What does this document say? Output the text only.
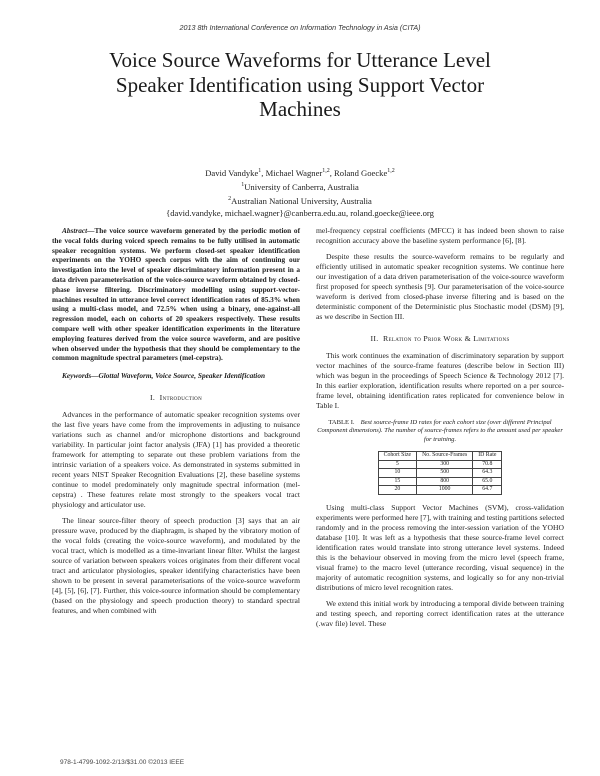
2013 8th International Conference on Information Technology in Asia (CITA)
Voice Source Waveforms for Utterance Level
Speaker Identification using Support Vector
Machines
David Vandyke$^1$, Michael Wagner$^{1,2}$, Roland Goecke$^{1,2}$
$^1$University of Canberra, Australia
$^2$Australian National University, Australia
{david.vandyke, michael.wagner}@canberra.edu.au, roland.goecke@ieee.org

Abstract—The voice source waveform generated by the periodic motion of the vocal folds during voiced speech remains to be fully utilised in automatic speaker recognition systems. We perform closed-set speaker identification experiments on the YOHO speech corpus with the aim of continuing our investigation into the level of speaker discriminatory information present in a data driven parameterisation of the voice-source waveform obtained by closed-phase inverse filtering. Discriminatory modelling using support-vector-machines resulted in utterance level correct identification rates of 85.3% when using a multi-class model, and 72.5% when using a binary, one-against-all regression model, each on cohorts of 20 speakers respectively. These results compare well with other speaker identification experiments in the literature employing features derived from the voice source waveform, and are positive when observed under the hypothesis that they should be complementary to the common magnitude spectral parameters (mel-cepstra).

Keywords—Glottal Waveform, Voice Source, Speaker Identification

I. Introduction

Advances in the performance of automatic speaker recognition systems over the last five years have come from the improvements in adjusting to nuisance variations such as channel and/or microphone distortions and background variability. In particular joint factor analysis (JFA) [1] has provided a theoretic framework for attempting to separate out these problem variations from the intrinsic variation of a speakers voice. As demonstrated in systems submitted in recent years NIST Speaker Recognition Evaluations [2], these baseline systems continue to model predominately only magnitude spectral information (mel-cepstra) . These features relate most strongly to the speakers vocal tract physiology and articulator use.

The linear source-filter theory of speech production [3] says that an air pressure wave, produced by the diaphragm, is shaped by the vibratory motion of the vocal folds (creating the voice-source waveform), and modulated by the vocal tract, which is modelled as a time-invariant linear filter. Whilst the largest source of variation between speakers voices originates from their different vocal tract and articulator physiologies, speaker identifying characteristics have been shown to be present in several parameterisations of the voice-source waveform [4], [5], [6], [7]. Further, this voice-source information should be complementary (based on the physiology and speech production theory) to standard spectral features, and when combined with

mel-frequency cepstral coefficients (MFCC) it has indeed been shown to raise recognition accuracy above the baseline system performance [6], [8].

Despite these results the source-waveform remains to be regularly and efficiently utilised in automatic speaker recognition systems. We continue here our investigation of a data driven parameterisation of the voice-source waveform first proposed for speech synthesis [9]. Our parameterisation of the voice-source waveform is derived from closed-phase inverse filtering and is based on the deterministic component of the Deterministic plus Stochastic model (DSM) [9], as we describe in Section III.

II. Relation to Prior Work & Limitations

This work continues the examination of discriminatory separation by support vector machines of the source-frame features (describe below in Section III) which was begun in the proceedings of Speech Science & Technology 2012 [7]. In this earlier exploration, identification results where reported on a per source-frame level, obtaining identification rates replicated for convenience below in Table I.

TABLE I. Best source-frame ID rates for each cohort size (over different Principal Component dimensions). The number of source-frames refers to the amount used per speaker for training.
Cohort Size	No. Source-Frames	ID Rate
5	300	70.8
10	500	64.3
15	800	65.0
20	1000	64.7

Using multi-class Support Vector Machines (SVM), cross-validation experiments were performed here [7], with training and testing partitions selected randomly and in the process removing the inter-session variation of the YOHO database [10]. It was left as a hypothesis that these source-frame level correct identification rates would translate into strong utterance level systems. Indeed this is the behaviour observed in moving from the micro level (speech frame, visual frame) to the macro level (utterance recording, visual sequence) in the majority of automatic recognition systems, and logically so for any non-trivial distributions of micro level recognition rates.

We extend this initial work by introducing a temporal divide between training and testing speech, and reporting correct identification rates at the utterance (.wav file) level. These

978-1-4799-1092-2/13/$31.00 ©2013 IEEE
